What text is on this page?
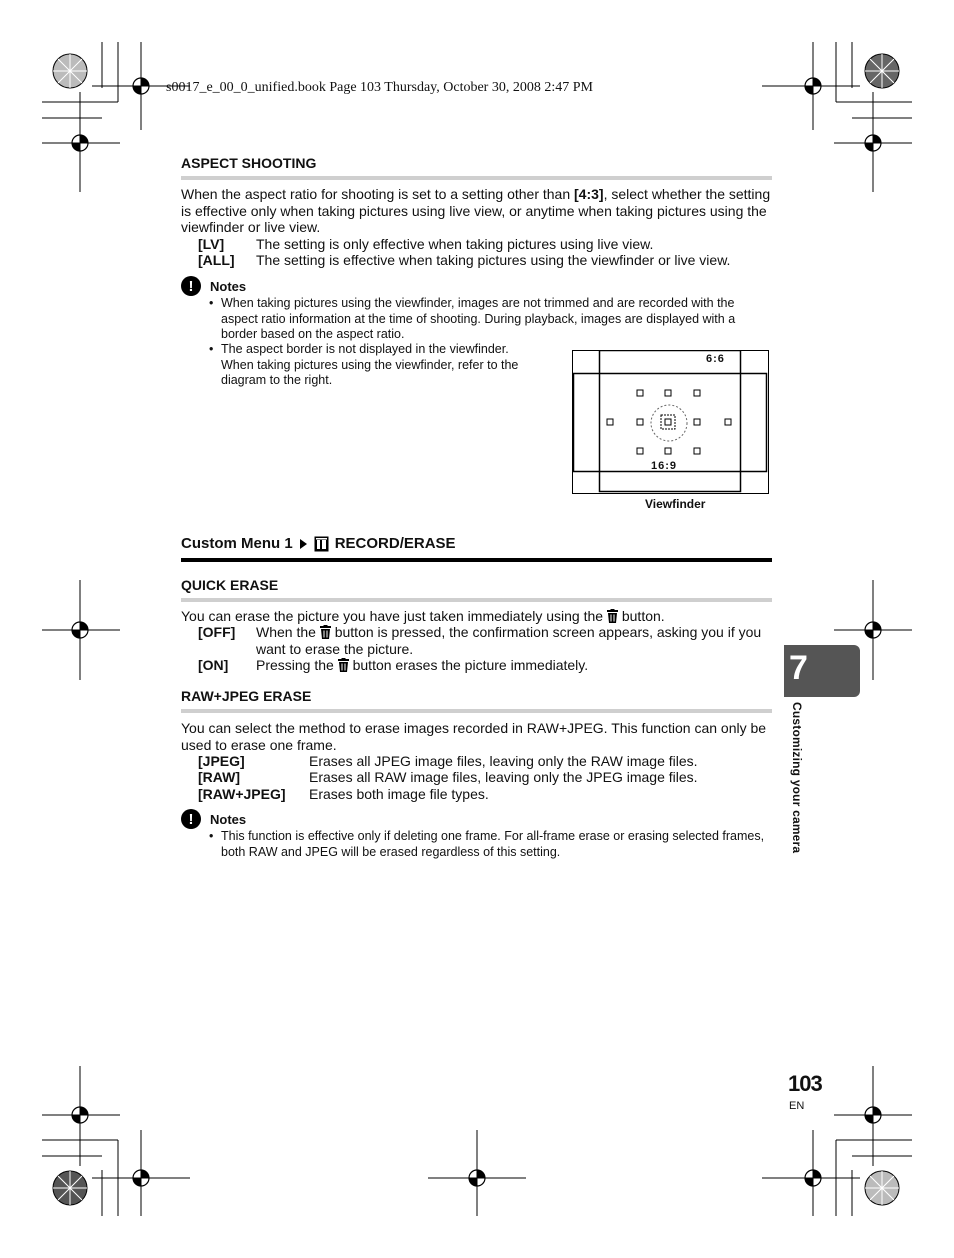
s0017_e_00_0_unified.book Page 103 Thursday, October 30, 2008 2:47 PM
ASPECT SHOOTING
When the aspect ratio for shooting is set to a setting other than [4:3], select whether the setting is effective only when taking pictures using live view, or anytime when taking pictures using the viewfinder or live view.
[LV] The setting is only effective when taking pictures using live view.
[ALL] The setting is effective when taking pictures using the viewfinder or live view.
!	Notes
• When taking pictures using the viewfinder, images are not trimmed and are recorded with the aspect ratio information at the time of shooting. During playback, images are displayed with a border based on the aspect ratio.
• The aspect border is not displayed in the viewfinder. When taking pictures using the viewfinder, refer to the diagram to the right.
6:6
16:9
Viewfinder
Custom Menu 1	RECORD/ERASE
QUICK ERASE
You can erase the picture you have just taken immediately using the  button.
[OFF] When the  button is pressed, the confirmation screen appears, asking you if you want to erase the picture.
[ON] Pressing the  button erases the picture immediately.
RAW+JPEG ERASE
You can select the method to erase images recorded in RAW+JPEG. This function can only be used to erase one frame.
[JPEG]	Erases all JPEG image files, leaving only the RAW image files.
[RAW]	Erases all RAW image files, leaving only the JPEG image files.
[RAW+JPEG] Erases both image file types.
!	Notes
• This function is effective only if deleting one frame. For all-frame erase or erasing selected frames, both RAW and JPEG will be erased regardless of this setting.
7
Customizing your camera
103
EN
